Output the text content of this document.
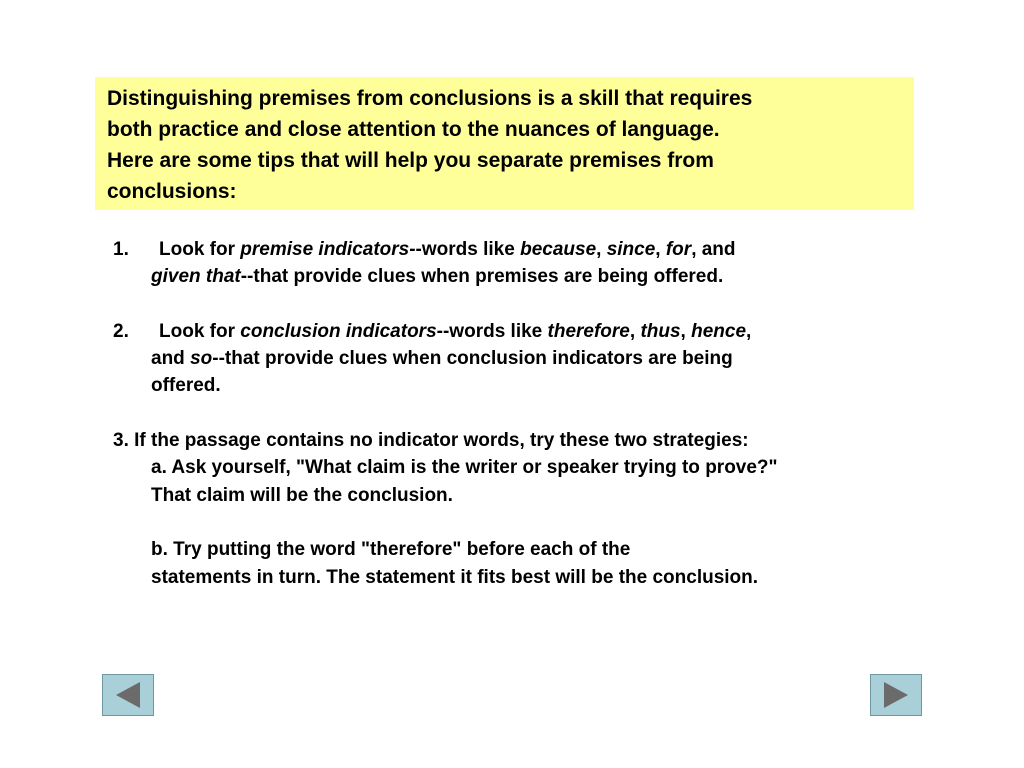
Distinguishing premises from conclusions is a skill that requires
both practice and close attention to the nuances of language.
Here are some tips that will help you separate premises from
conclusions:
1. Look for premise indicators--words like because, since, for, and
given that--that provide clues when premises are being offered.
2. Look for conclusion indicators--words like therefore, thus, hence,
and so--that provide clues when conclusion indicators are being
offered.
3. If the passage contains no indicator words, try these two strategies:
a. Ask yourself, "What claim is the writer or speaker trying to prove?"
That claim will be the conclusion.
b. Try putting the word "therefore" before each of the
statements in turn. The statement it fits best will be the conclusion.
